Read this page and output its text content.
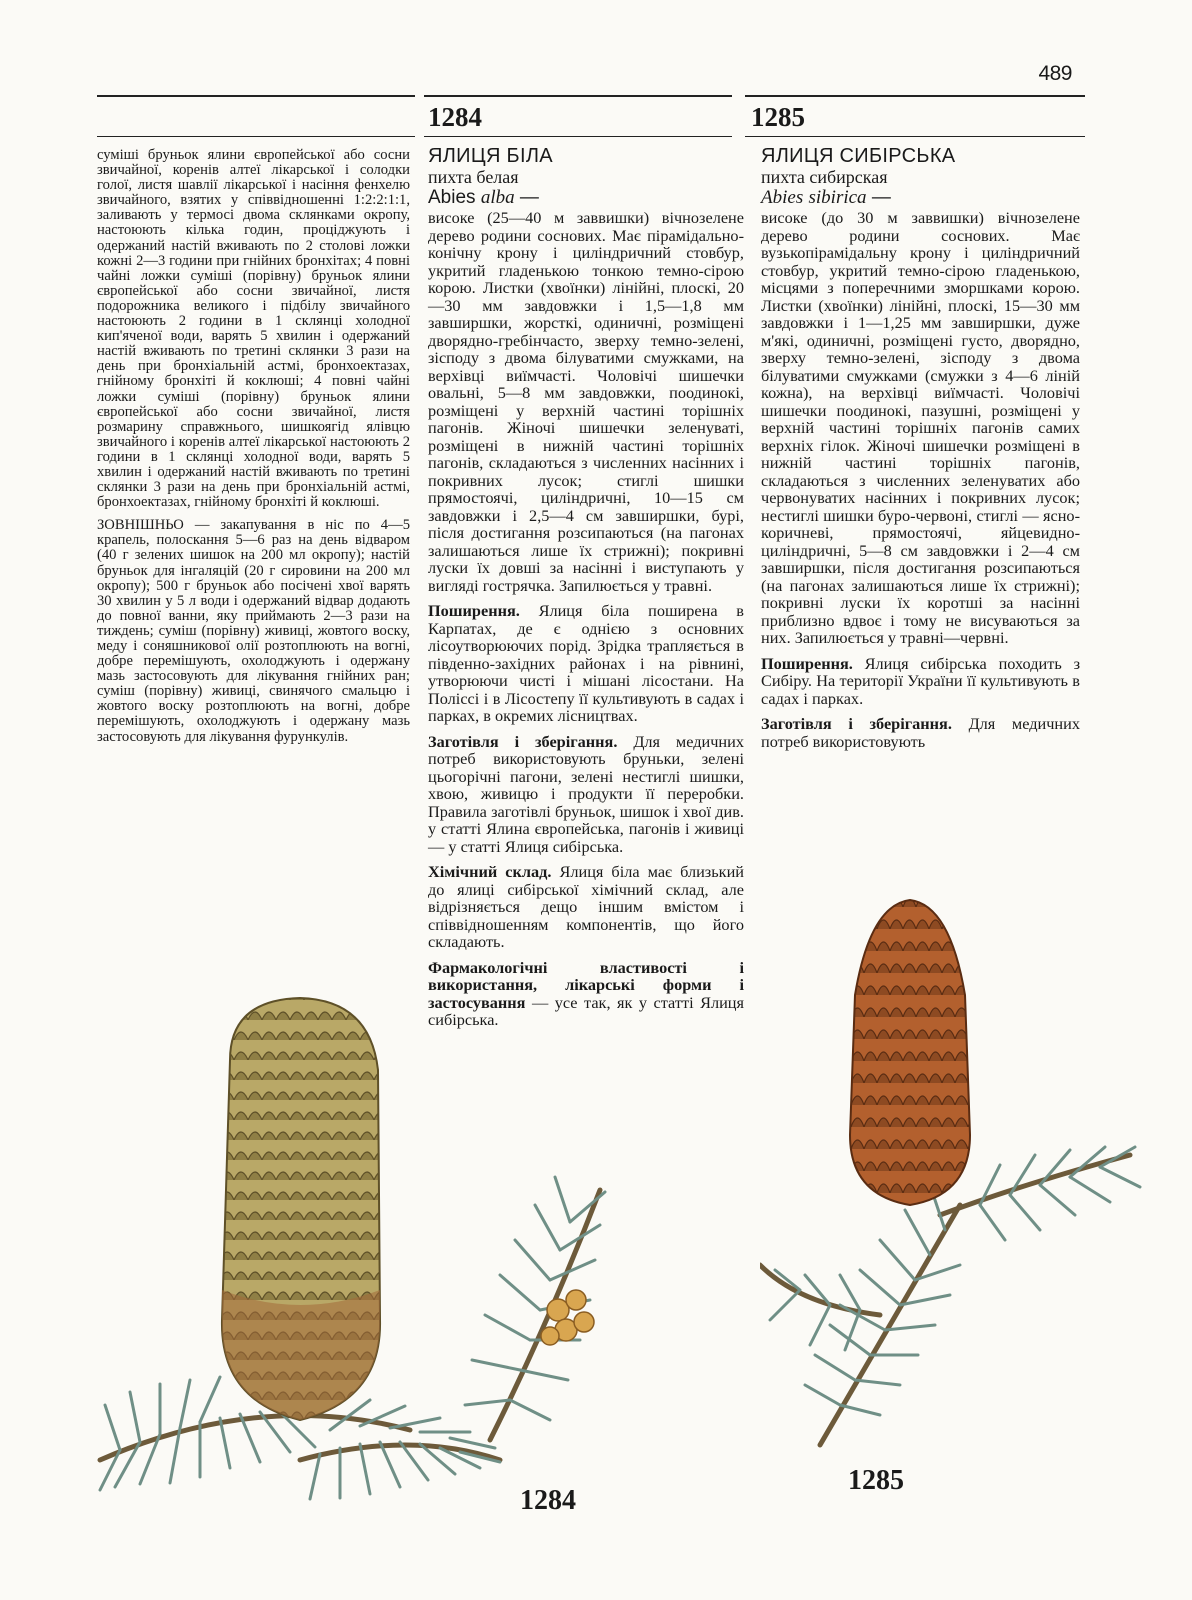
489
1284	1285

суміші бруньок ялини європейської або сосни звичайної, коренів алтеї лікарської і солодки голої, листя шавлії лікарської і насіння фенхелю звичайного, взятих у співвідношенні 1:2:2:1:1, заливають у термосі двома склянками окропу, настоюють кілька годин, проціджують і одержаний настій вживають по 2 столові ложки кожні 2—3 години при гнійних бронхітах; 4 повні чайні ложки суміші (порівну) бруньок ялини європейської або сосни звичайної, листя подорожника великого і підбілу звичайного настоюють 2 години в 1 склянці холодної кип'яченої води, варять 5 хвилин і одержаний настій вживають по третині склянки 3 рази на день при бронхіальній астмі, бронхоектазах, гнійному бронхіті й коклюші; 4 повні чайні ложки суміші (порівну) бруньок ялини європейської або сосни звичайної, листя розмарину справжнього, шишкоягід ялівцю звичайного і коренів алтеї лікарської настоюють 2 години в 1 склянці холодної води, варять 5 хвилин і одержаний настій вживають по третині склянки 3 рази на день при бронхіальній астмі, бронхоектазах, гнійному бронхіті й коклюші.

ЗОВНІШНЬО — закапування в ніс по 4—5 крапель, полоскання 5—6 раз на день відваром (40 г зелених шишок на 200 мл окропу); настій бруньок для інгаляцій (20 г сировини на 200 мл окропу); 500 г бруньок або посічені хвої варять 30 хвилин у 5 л води і одержаний відвар додають до повної ванни, яку приймають 2—3 рази на тиждень; суміш (порівну) живиці, жовтого воску, меду і соняшникової олії розтоплюють на вогні, добре перемішують, охолоджують і одержану мазь застосовують для лікування гнійних ран; суміш (порівну) живиці, свинячого смальцю і жовтого воску розтоплюють на вогні, добре перемішують, охолоджують і одержану мазь застосовують для лікування фурункулів.

ЯЛИЦЯ БІЛА
пихта белая
Abies alba —

високе (25—40 м заввишки) вічнозелене дерево родини соснових. Має пірамідально-конічну крону і циліндричний стовбур, укритий гладенькою тонкою темно-сірою корою. Листки (хвоїнки) лінійні, плоскі, 20—30 мм завдовжки і 1,5—1,8 мм завширшки, жорсткі, одиничні, розміщені дворядно-гребінчасто, зверху темно-зелені, зісподу з двома білуватими смужками, на верхівці виїмчасті. Чоловічі шишечки овальні, 5—8 мм завдовжки, поодинокі, розміщені у верхній частині торішніх пагонів. Жіночі шишечки зеленуваті, розміщені в нижній частині торішніх пагонів, складаються з численних насінних і покривних лусок; стиглі шишки прямостоячі, циліндричні, 10—15 см завдовжки і 2,5—4 см завширшки, бурі, після достигання розсипаються (на пагонах залишаються лише їх стрижні); покривні луски їх довші за насінні і виступають у вигляді гострячка. Запилюється у травні.

Поширення. Ялиця біла поширена в Карпатах, де є однією з основних лісоутворюючих порід. Зрідка трапляється в південно-західних районах і на рівнині, утворюючи чисті і мішані лісостани. На Поліссі і в Лісостепу її культивують в садах і парках, в окремих лісництвах.

Заготівля і зберігання. Для медичних потреб використовують бруньки, зелені цьогорічні пагони, зелені нестиглі шишки, хвою, живицю і продукти її переробки. Правила заготівлі бруньок, шишок і хвої див. у статті Ялина європейська, пагонів і живиці — у статті Ялиця сибірська.

Хімічний склад. Ялиця біла має близький до ялиці сибірської хімічний склад, але відрізняється дещо іншим вмістом і співвідношенням компонентів, що його складають.

Фармакологічні властивості і використання, лікарські форми і застосування — усе так, як у статті Ялиця сибірська.

ЯЛИЦЯ СИБІРСЬКА
пихта сибирская
Abies sibirica —

високе (до 30 м заввишки) вічнозелене дерево родини соснових. Має вузькопірамідальну крону і циліндричний стовбур, укритий темно-сірою гладенькою, місцями з поперечними зморшками корою. Листки (хвоїнки) лінійні, плоскі, 15—30 мм завдовжки і 1—1,25 мм завширшки, дуже м'які, одиничні, розміщені густо, дворядно, зверху темно-зелені, зісподу з двома білуватими смужками (смужки з 4—6 ліній кожна), на верхівці виїмчасті. Чоловічі шишечки поодинокі, пазушні, розміщені у верхній частині торішніх пагонів самих верхніх гілок. Жіночі шишечки розміщені в нижній частині торішніх пагонів, складаються з численних зеленуватих або червонуватих насінних і покривних лусок; нестиглі шишки буро-червоні, стиглі — ясно-коричневі, прямостоячі, яйцевидно-циліндричні, 5—8 см завдовжки і 2—4 см завширшки, після достигання розсипаються (на пагонах залишаються лише їх стрижні); покривні луски їх коротші за насінні приблизно вдвоє і тому не висуваються за них. Запилюється у травні—червні.

Поширення. Ялиця сибірська походить з Сибіру. На території України її культивують в садах і парках.

Заготівля і зберігання. Для медичних потреб використовують

1284
1285
